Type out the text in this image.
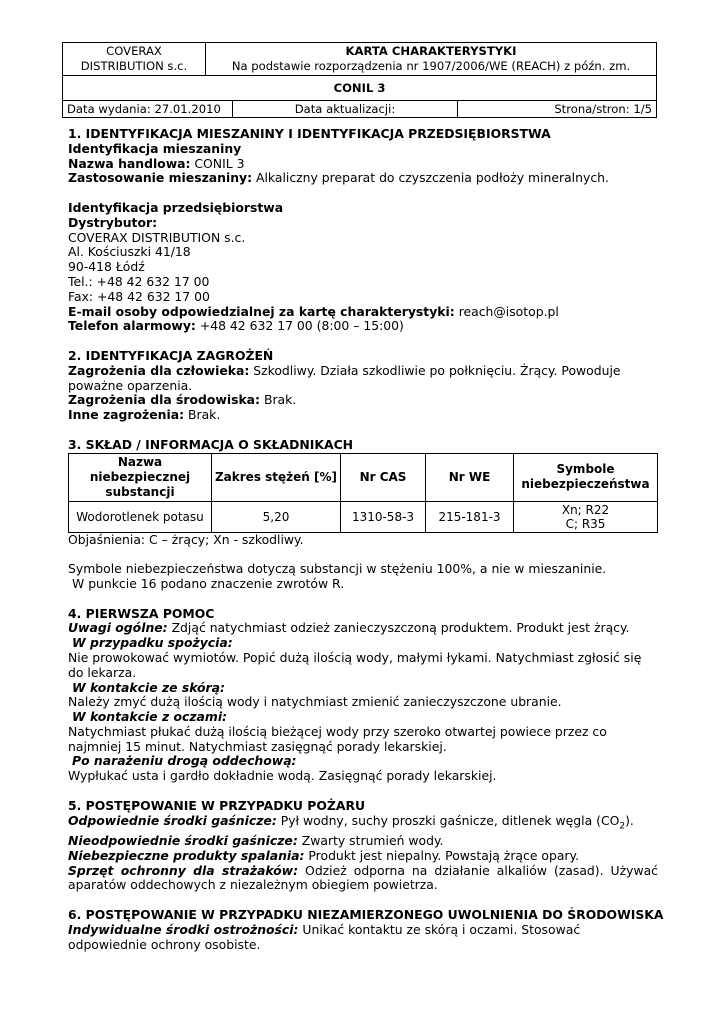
COVERAX
DISTRIBUTION s.c.

KARTA CHARAKTERYSTYKI
Na podstawie rozporządzenia nr 1907/2006/WE (REACH) z późn. zm.
CONIL 3
Data wydania: 27.01.2010	Data aktualizacji:	Strona/stron: 1/5
1. IDENTYFIKACJA MIESZANINY I IDENTYFIKACJA PRZEDSIĘBIORSTWA
Identyfikacja mieszaniny
Nazwa handlowa: CONIL 3
Zastosowanie mieszaniny: Alkaliczny preparat do czyszczenia podłoży mineralnych.
Identyfikacja przedsiębiorstwa
Dystrybutor:
COVERAX DISTRIBUTION s.c.
Al. Kościuszki 41/18
90-418 Łódź
Tel.: +48 42 632 17 00
Fax: +48 42 632 17 00
E-mail osoby odpowiedzialnej za kartę charakterystyki: reach@isotop.pl
Telefon alarmowy: +48 42 632 17 00 (8:00 – 15:00)
2. IDENTYFIKACJA ZAGROŻEŃ
Zagrożenia dla człowieka: Szkodliwy. Działa szkodliwie po połknięciu. Żrący. Powoduje poważne oparzenia.
Zagrożenia dla środowiska: Brak.
Inne zagrożenia: Brak.
3. SKŁAD / INFORMACJA O SKŁADNIKACH
Nazwa niebezpiecznej substancji	Zakres stężeń [%]	Nr CAS	Nr WE	Symbole niebezpieczeństwa
Wodorotlenek potasu	5,20	1310-58-3	215-181-3	Xn; R22
C; R35
Objaśnienia: C – żrący; Xn - szkodliwy.
Symbole niebezpieczeństwa dotyczą substancji w stężeniu 100%, a nie w mieszaninie.
W punkcie 16 podano znaczenie zwrotów R.
4. PIERWSZA POMOC
Uwagi ogólne: Zdjąć natychmiast odzież zanieczyszczoną produktem. Produkt jest żrący.
W przypadku spożycia:
Nie prowokować wymiotów. Popić dużą ilością wody, małymi łykami. Natychmiast zgłosić się do lekarza.
W kontakcie ze skórą:
Należy zmyć dużą ilością wody i natychmiast zmienić zanieczyszczone ubranie.
W kontakcie z oczami:
Natychmiast płukać dużą ilością bieżącej wody przy szeroko otwartej powiece przez co najmniej 15 minut. Natychmiast zasięgnąć porady lekarskiej.
Po narażeniu drogą oddechową:
Wypłukać usta i gardło dokładnie wodą. Zasięgnąć porady lekarskiej.
5. POSTĘPOWANIE W PRZYPADKU POŻARU
Odpowiednie środki gaśnicze: Pył wodny, suchy proszki gaśnicze, ditlenek węgla $(CO_2)$.
Nieodpowiednie środki gaśnicze: Zwarty strumień wody.
Niebezpieczne produkty spalania: Produkt jest niepalny. Powstają żrące opary.
Sprzęt ochronny dla strażaków: Odzież odporna na działanie alkaliów (zasad). Używać aparatów oddechowych z niezależnym obiegiem powietrza.
6. POSTĘPOWANIE W PRZYPADKU NIEZAMIERZONEGO UWOLNIENIA DO ŚRODOWISKA
Indywidualne środki ostrożności: Unikać kontaktu ze skórą i oczami. Stosować odpowiednie ochrony osobiste.
